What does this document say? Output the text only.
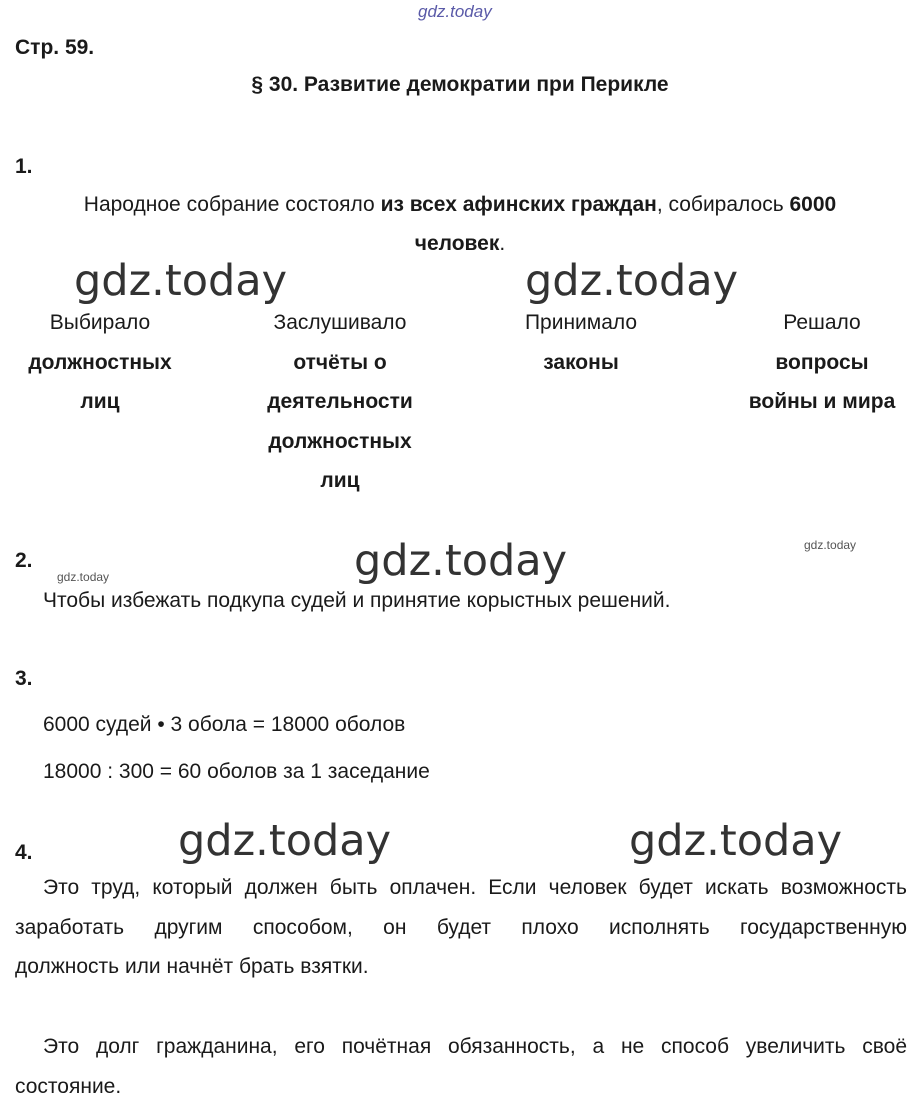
gdz.today
gdz.today	gdz.today
gdz.today
gdz.today	gdz.today
gdz.today
gdz.today
Стр. 59.
§ 30. Развитие демократии при Перикле
1.
Народное собрание состояло из всех афинских граждан, собиралось 6000
человек.
Выбирало
должностных
лиц
Заслушивало
отчёты о
деятельности
должностных
лиц
Принимало
законы
Решало
вопросы
войны и мира
2.
Чтобы избежать подкупа судей и принятие корыстных решений.
3.
6000 судей • 3 обола = 18000 оболов
18000 : 300 = 60 оболов за 1 заседание
4.
Это труд, который должен быть оплачен. Если человек будет искать возможность
заработать другим способом, он будет плохо исполнять государственную
должность или начнёт брать взятки.
Это долг гражданина, его почётная обязанность, а не способ увеличить своё
состояние.
